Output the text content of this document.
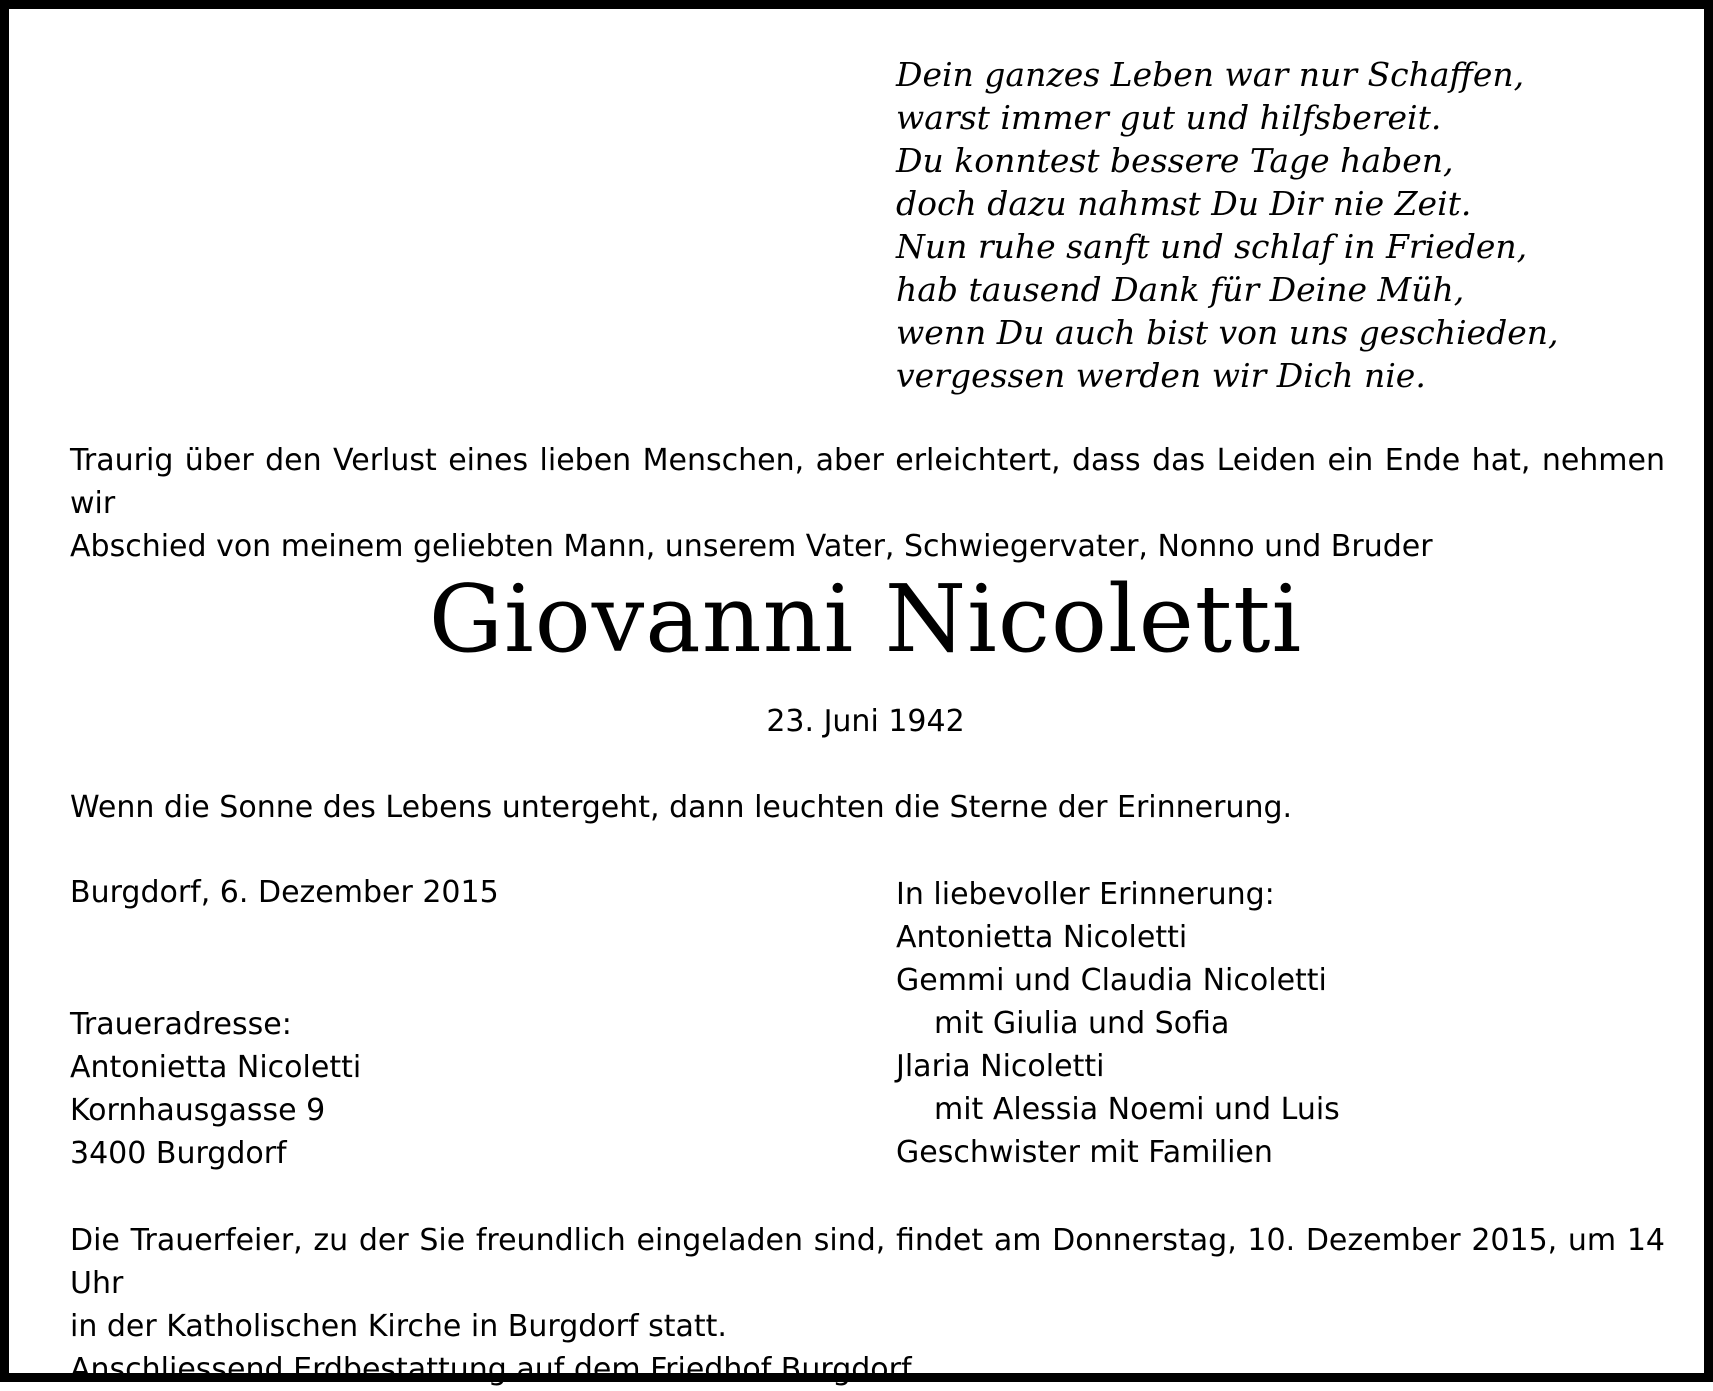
Dein ganzes Leben war nur Schaffen,
warst immer gut und hilfsbereit.
Du konntest bessere Tage haben,
doch dazu nahmst Du Dir nie Zeit.
Nun ruhe sanft und schlaf in Frieden,
hab tausend Dank für Deine Müh,
wenn Du auch bist von uns geschieden,
vergessen werden wir Dich nie.
Traurig über den Verlust eines lieben Menschen, aber erleichtert, dass das Leiden ein Ende hat, nehmen wir
Abschied von meinem geliebten Mann, unserem Vater, Schwiegervater, Nonno und Bruder
Giovanni Nicoletti
23. Juni 1942
Wenn die Sonne des Lebens untergeht, dann leuchten die Sterne der Erinnerung.
Burgdorf, 6. Dezember 2015
Traueradresse:
Antonietta Nicoletti
Kornhausgasse 9
3400 Burgdorf
In liebevoller Erinnerung:
Antonietta Nicoletti
Gemmi und Claudia Nicoletti
mit Giulia und Sofia
Jlaria Nicoletti
mit Alessia Noemi und Luis
Geschwister mit Familien
Die Trauerfeier, zu der Sie freundlich eingeladen sind, findet am Donnerstag, 10. Dezember 2015, um 14 Uhr
in der Katholischen Kirche in Burgdorf statt.
Anschliessend Erdbestattung auf dem Friedhof Burgdorf.
